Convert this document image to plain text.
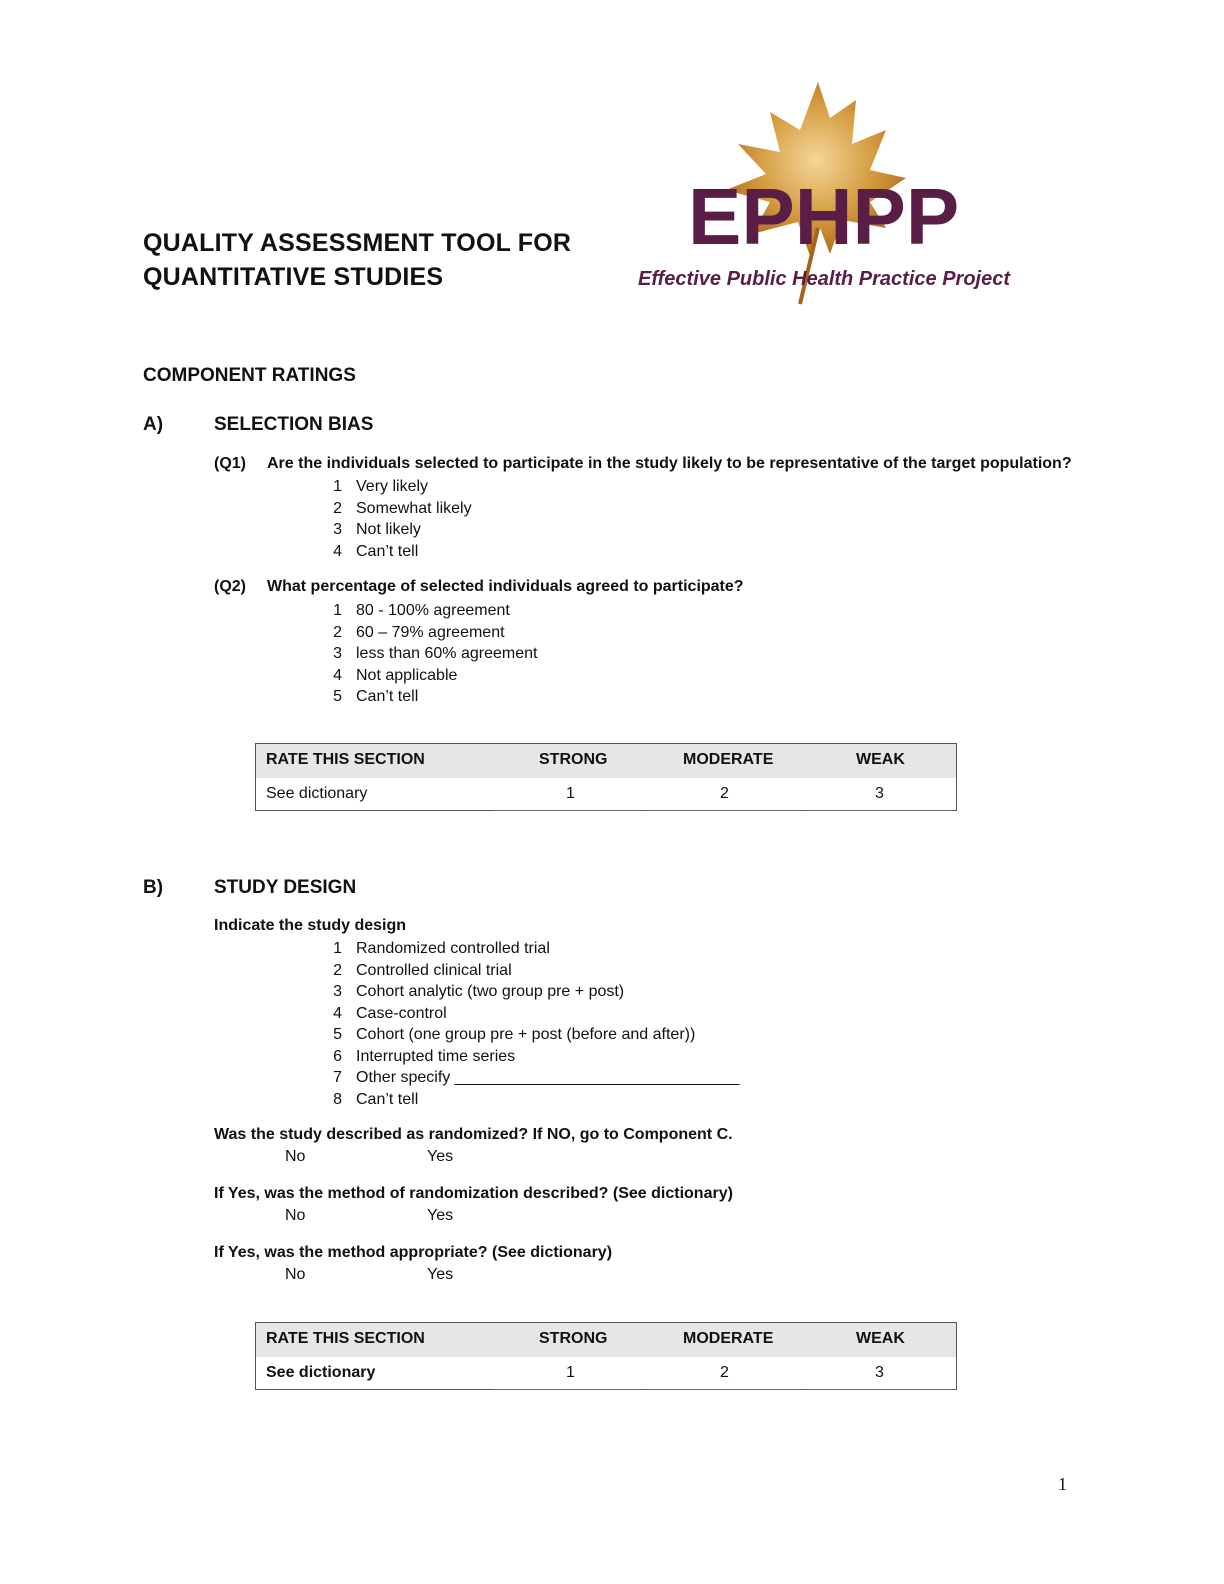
EPHPP
Effective Public Health Practice Project
QUALITY ASSESSMENT TOOL FOR
QUANTITATIVE STUDIES
COMPONENT RATINGS
A)	SELECTION BIAS
(Q1) Are the individuals selected to participate in the study likely to be representative of the target population?
1 Very likely
2 Somewhat likely
3 Not likely
4 Can’t tell
(Q2) What percentage of selected individuals agreed to participate?
1 80 - 100% agreement
2 60 – 79% agreement
3 less than 60% agreement
4 Not applicable
5 Can’t tell
RATE THIS SECTION	STRONG	MODERATE	WEAK
See dictionary	1	2	3
B)	STUDY DESIGN
Indicate the study design
1 Randomized controlled trial
2 Controlled clinical trial
3 Cohort analytic (two group pre + post)
4 Case-control
5 Cohort (one group pre + post (before and after))
6 Interrupted time series
7 Other specify ________________________________
8 Can’t tell
Was the study described as randomized? If NO, go to Component C.
No	Yes
If Yes, was the method of randomization described? (See dictionary)
No	Yes
If Yes, was the method appropriate? (See dictionary)
No	Yes
RATE THIS SECTION	STRONG	MODERATE	WEAK
See dictionary	1	2	3
1
